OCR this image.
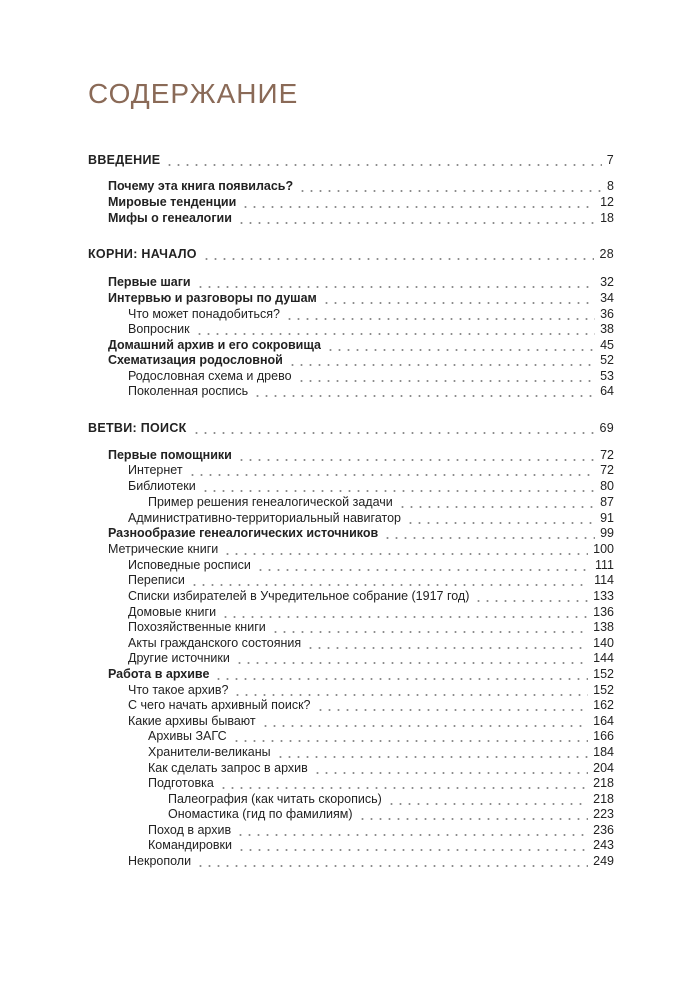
СОДЕРЖАНИЕ
ВВЕДЕНИЕ	7
Почему эта книга появилась?	8
Мировые тенденции	12
Мифы о генеалогии	18
КОРНИ: НАЧАЛО	28
Первые шаги	32
Интервью и разговоры по душам	34
Что может понадобиться?	36
Вопросник	38
Домашний архив и его сокровища	45
Схематизация родословной	52
Родословная схема и древо	53
Поколенная роспись	64
ВЕТВИ: ПОИСК	69
Первые помощники	72
Интернет	72
Библиотеки	80
Пример решения генеалогической задачи	87
Административно-территориальный навигатор	91
Разнообразие генеалогических источников	99
Метрические книги	100
Исповедные росписи	111
Переписи	114
Списки избирателей в Учредительное собрание (1917 год)	133
Домовые книги	136
Похозяйственные книги	138
Акты гражданского состояния	140
Другие источники	144
Работа в архиве	152
Что такое архив?	152
С чего начать архивный поиск?	162
Какие архивы бывают	164
Архивы ЗАГС	166
Хранители-великаны	184
Как сделать запрос в архив	204
Подготовка	218
Палеография (как читать скоропись)	218
Ономастика (гид по фамилиям)	223
Поход в архив	236
Командировки	243
Некрополи	249
